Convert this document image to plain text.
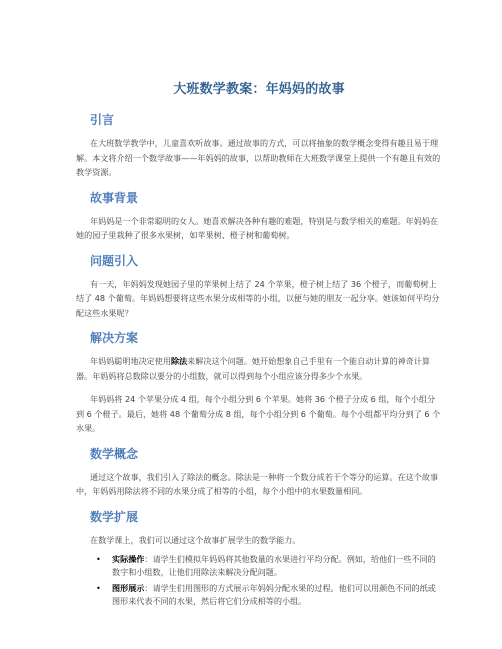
大班数学教案：年妈妈的故事
引言
在大班数学教学中，儿童喜欢听故事。通过故事的方式，可以将抽象的数学概念变得有趣且易于理解。本文将介绍一个数学故事——年妈妈的故事，以帮助教师在大班数学课堂上提供一个有趣且有效的教学资源。
故事背景
年妈妈是一个非常聪明的女人。她喜欢解决各种有趣的难题，特别是与数学相关的难题。年妈妈在她的园子里栽种了很多水果树，如苹果树、橙子树和葡萄树。
问题引入
有一天，年妈妈发现她园子里的苹果树上结了 24 个苹果，橙子树上结了 36 个橙子，而葡萄树上结了 48 个葡萄。年妈妈想要将这些水果分成相等的小组，以便与她的朋友一起分享。她该如何平均分配这些水果呢？
解决方案
年妈妈聪明地决定使用除法来解决这个问题。她开始想象自己手里有一个能自动计算的神奇计算器。年妈妈将总数除以要分的小组数，就可以得到每个小组应该分得多少个水果。
年妈妈将 24 个苹果分成 4 组，每个小组分到 6 个苹果。她将 36 个橙子分成 6 组，每个小组分到 6 个橙子。最后，她将 48 个葡萄分成 8 组，每个小组分到 6 个葡萄。每个小组都平均分到了 6 个水果。
数学概念
通过这个故事，我们引入了除法的概念。除法是一种将一个数分成若干个等分的运算。在这个故事中，年妈妈用除法将不同的水果分成了相等的小组，每个小组中的水果数量相同。
数学扩展
在数学课上，我们可以通过这个故事扩展学生的数学能力。
• 实际操作：请学生们模拟年妈妈将其他数量的水果进行平均分配。例如，给他们一些不同的数字和小组数，让他们用除法来解决分配问题。
• 图形展示：请学生们用图形的方式展示年妈妈分配水果的过程。他们可以用颜色不同的纸或图形来代表不同的水果，然后将它们分成相等的小组。
